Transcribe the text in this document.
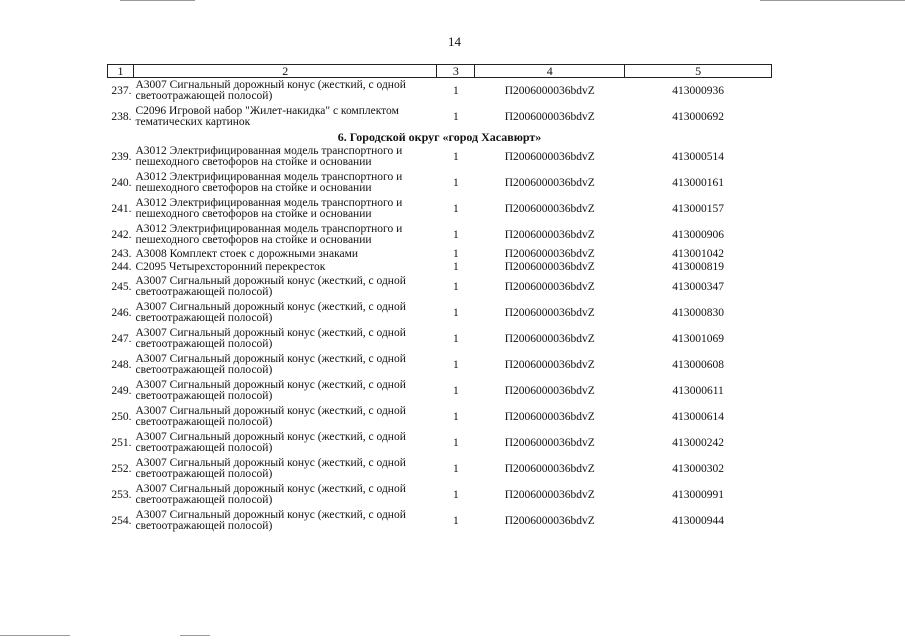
14
1	2	3	4	5
237.	А3007 Сигнальный дорожный конус (жесткий, с одной светоотражающей полосой)	1	П2006000036bdvZ	413000936
238.	С2096 Игровой набор "Жилет-накидка" с комплектом тематических картинок	1	П2006000036bdvZ	413000692
6. Городской округ «город Хасавюрт»				
239.	А3012 Электрифицированная модель транспортного и пешеходного светофоров на стойке и основании	1	П2006000036bdvZ	413000514
240.	А3012 Электрифицированная модель транспортного и пешеходного светофоров на стойке и основании	1	П2006000036bdvZ	413000161
241.	А3012 Электрифицированная модель транспортного и пешеходного светофоров на стойке и основании	1	П2006000036bdvZ	413000157
242.	А3012 Электрифицированная модель транспортного и пешеходного светофоров на стойке и основании	1	П2006000036bdvZ	413000906
243.	А3008 Комплект стоек с дорожными знаками	1	П2006000036bdvZ	413001042
244.	С2095 Четырехсторонний перекресток	1	П2006000036bdvZ	413000819
245.	А3007 Сигнальный дорожный конус (жесткий, с одной светоотражающей полосой)	1	П2006000036bdvZ	413000347
246.	А3007 Сигнальный дорожный конус (жесткий, с одной светоотражающей полосой)	1	П2006000036bdvZ	413000830
247.	А3007 Сигнальный дорожный конус (жесткий, с одной светоотражающей полосой)	1	П2006000036bdvZ	413001069
248.	А3007 Сигнальный дорожный конус (жесткий, с одной светоотражающей полосой)	1	П2006000036bdvZ	413000608
249.	А3007 Сигнальный дорожный конус (жесткий, с одной светоотражающей полосой)	1	П2006000036bdvZ	413000611
250.	А3007 Сигнальный дорожный конус (жесткий, с одной светоотражающей полосой)	1	П2006000036bdvZ	413000614
251.	А3007 Сигнальный дорожный конус (жесткий, с одной светоотражающей полосой)	1	П2006000036bdvZ	413000242
252.	А3007 Сигнальный дорожный конус (жесткий, с одной светоотражающей полосой)	1	П2006000036bdvZ	413000302
253.	А3007 Сигнальный дорожный конус (жесткий, с одной светоотражающей полосой)	1	П2006000036bdvZ	413000991
254.	А3007 Сигнальный дорожный конус (жесткий, с одной светоотражающей полосой)	1	П2006000036bdvZ	413000944
